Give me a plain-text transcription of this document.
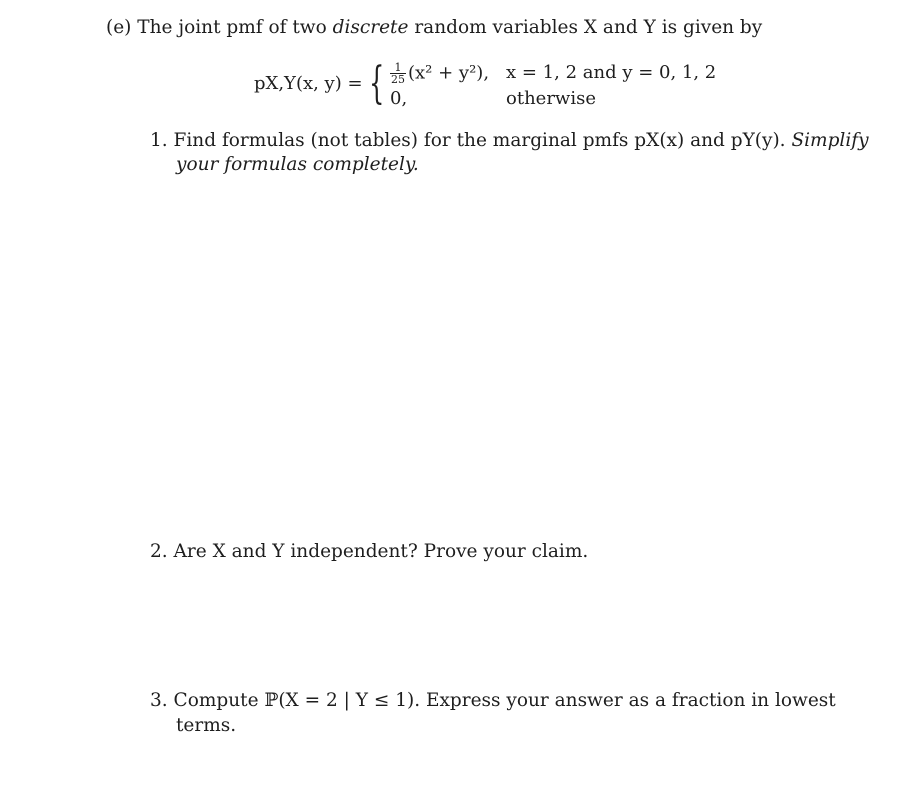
(e) The joint pmf of two discrete random variables X and Y is given by
pX,Y(x, y) = { $\frac{1}{25} (x^2 + y^2)$, x = 1, 2 and y = 0, 1, 2
0,	otherwise
1. Find formulas (not tables) for the marginal pmfs pX(x) and pY(y). Simplify
your formulas completely.
2. Are X and Y independent? Prove your claim.
3. Compute ℙ(X = 2 | Y ≤ 1). Express your answer as a fraction in lowest
terms.
